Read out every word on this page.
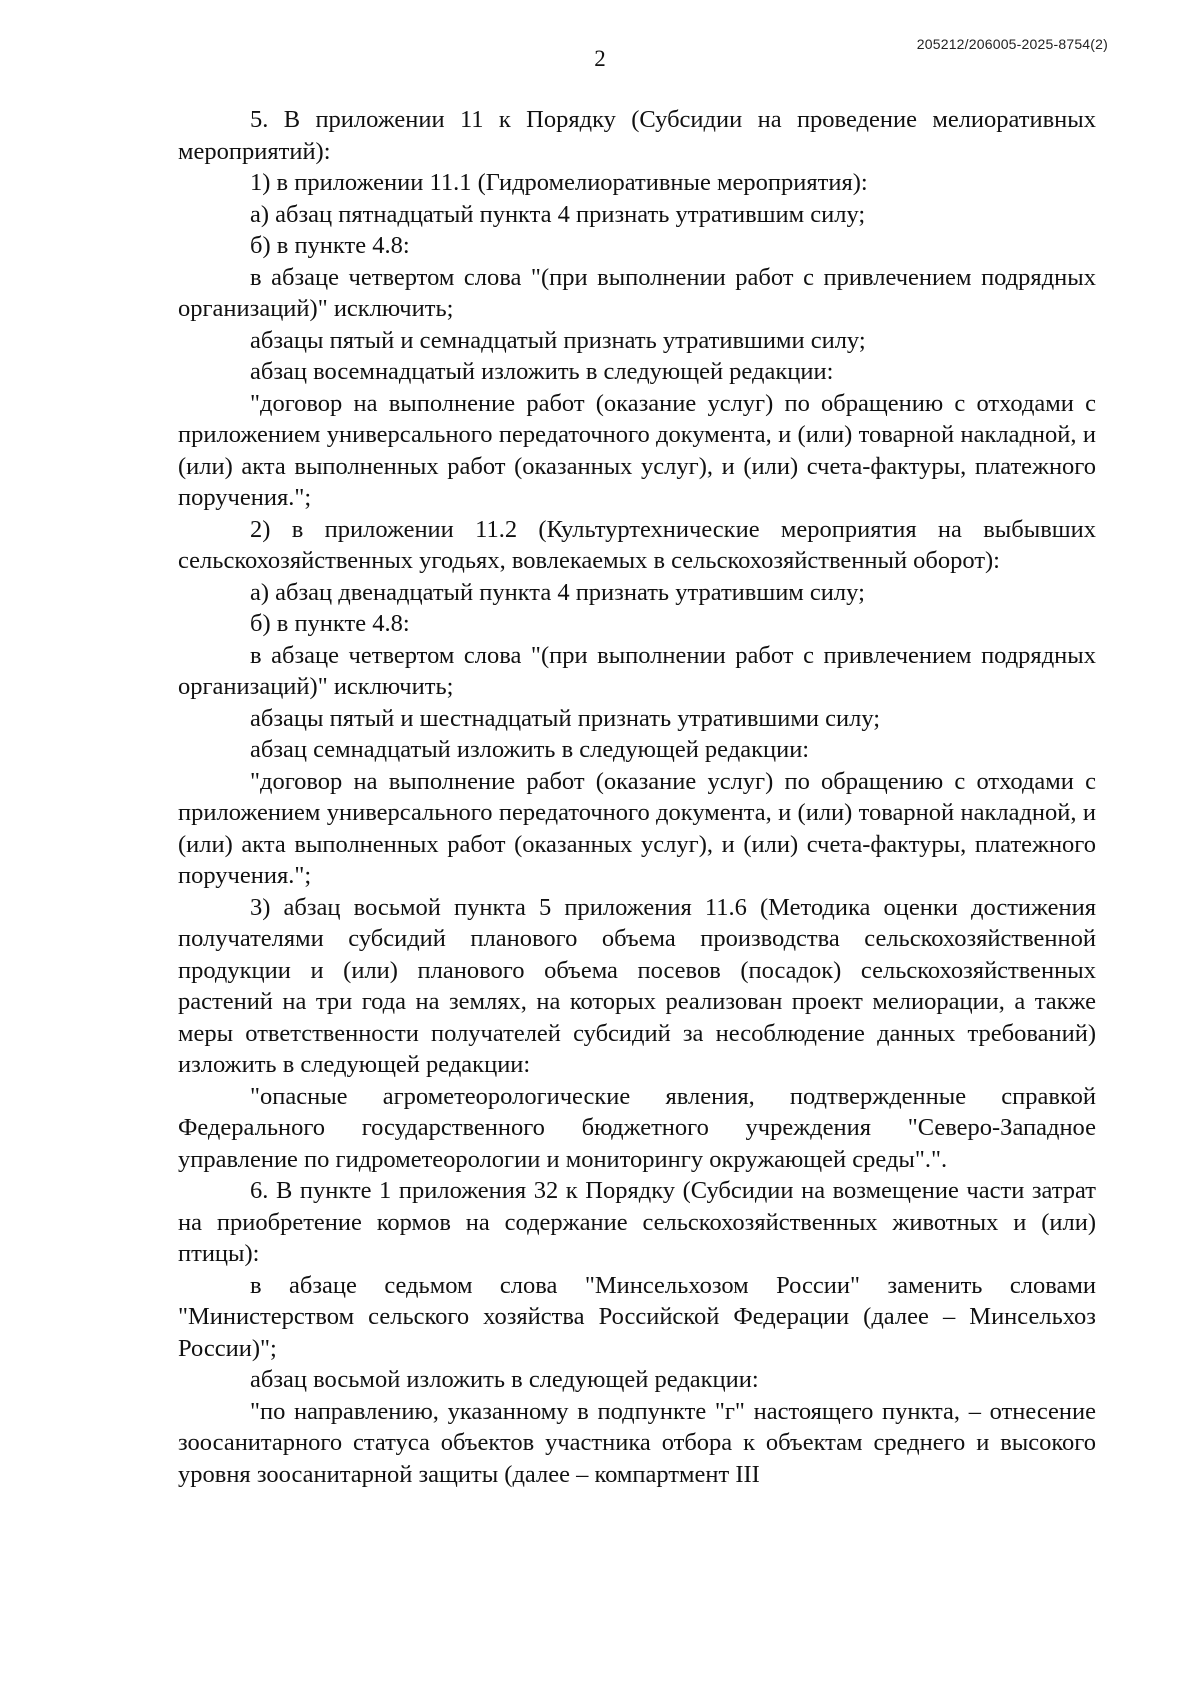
205212/206005-2025-8754(2)
2

5. В приложении 11 к Порядку (Субсидии на проведение мелиоративных мероприятий):

1) в приложении 11.1 (Гидромелиоративные мероприятия):

а) абзац пятнадцатый пункта 4 признать утратившим силу;

б) в пункте 4.8:

в абзаце четвертом слова "(при выполнении работ с привлечением подрядных организаций)" исключить;

абзацы пятый и семнадцатый признать утратившими силу;

абзац восемнадцатый изложить в следующей редакции:

"договор на выполнение работ (оказание услуг) по обращению с отходами с приложением универсального передаточного документа, и (или) товарной накладной, и (или) акта выполненных работ (оказанных услуг), и (или) счета-фактуры, платежного поручения.";

2) в приложении 11.2 (Культуртехнические мероприятия на выбывших сельскохозяйственных угодьях, вовлекаемых в сельскохозяйственный оборот):

а) абзац двенадцатый пункта 4 признать утратившим силу;

б) в пункте 4.8:

в абзаце четвертом слова "(при выполнении работ с привлечением подрядных организаций)" исключить;

абзацы пятый и шестнадцатый признать утратившими силу;

абзац семнадцатый изложить в следующей редакции:

"договор на выполнение работ (оказание услуг) по обращению с отходами с приложением универсального передаточного документа, и (или) товарной накладной, и (или) акта выполненных работ (оказанных услуг), и (или) счета-фактуры, платежного поручения.";

3) абзац восьмой пункта 5 приложения 11.6 (Методика оценки достижения получателями субсидий планового объема производства сельскохозяйственной продукции и (или) планового объема посевов (посадок) сельскохозяйственных растений на три года на землях, на которых реализован проект мелиорации, а также меры ответственности получателей субсидий за несоблюдение данных требований) изложить в следующей редакции:

"опасные агрометеорологические явления, подтвержденные справкой Федерального государственного бюджетного учреждения "Северо-Западное управление по гидрометеорологии и мониторингу окружающей среды".".

6. В пункте 1 приложения 32 к Порядку (Субсидии на возмещение части затрат на приобретение кормов на содержание сельскохозяйственных животных и (или) птицы):

в абзаце седьмом слова "Минсельхозом России" заменить словами "Министерством сельского хозяйства Российской Федерации (далее – Минсельхоз России)";

абзац восьмой изложить в следующей редакции:

"по направлению, указанному в подпункте "г" настоящего пункта, – отнесение зоосанитарного статуса объектов участника отбора к объектам среднего и высокого уровня зоосанитарной защиты (далее – компартмент III
